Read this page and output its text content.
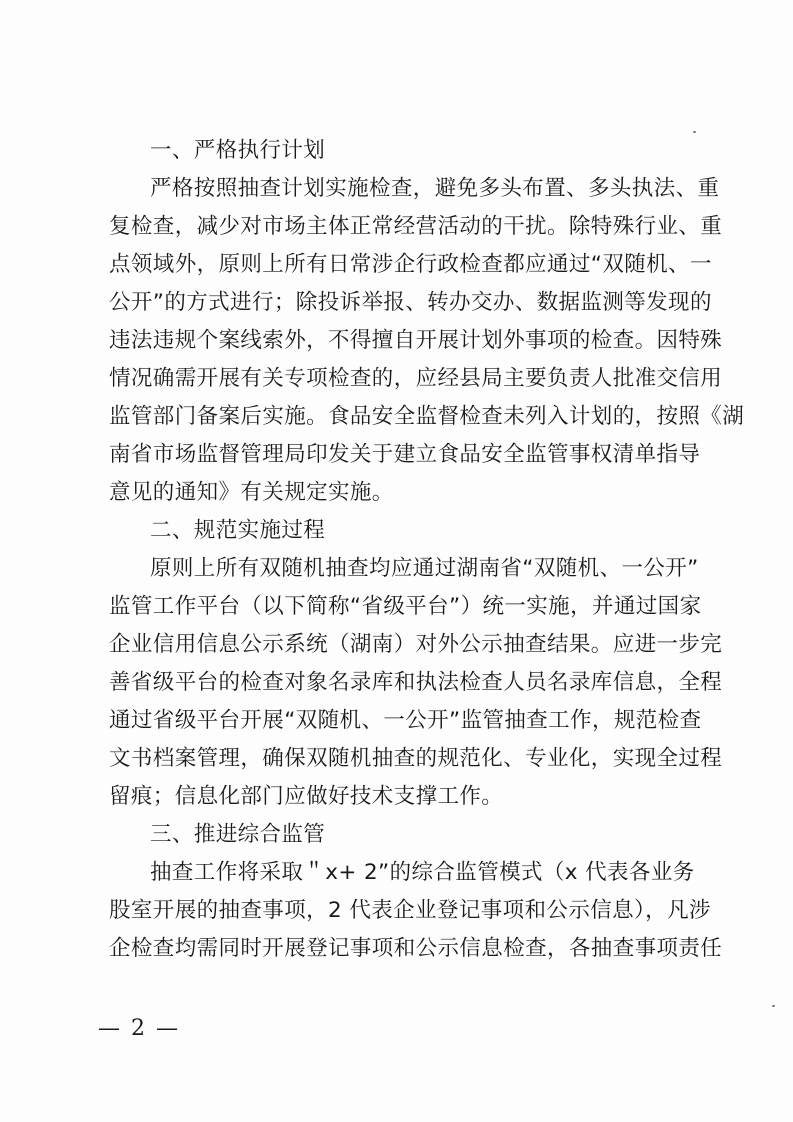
一、严格执行计划
严格按照抽查计划实施检查，避免多头布置、多头执法、重
复检查，减少对市场主体正常经营活动的干扰。除特殊行业、重
点领域外，原则上所有日常涉企行政检查都应通过“双随机、一
公开”的方式进行；除投诉举报、转办交办、数据监测等发现的
违法违规个案线索外，不得擅自开展计划外事项的检查。因特殊
情况确需开展有关专项检查的，应经县局主要负责人批准交信用
监管部门备案后实施。食品安全监督检查未列入计划的，按照《湖
南省市场监督管理局印发关于建立食品安全监管事权清单指导
意见的通知》有关规定实施。
二、规范实施过程
原则上所有双随机抽查均应通过湖南省“双随机、一公开”
监管工作平台（以下简称“省级平台”）统一实施，并通过国家
企业信用信息公示系统（湖南）对外公示抽查结果。应进一步完
善省级平台的检查对象名录库和执法检查人员名录库信息，全程
通过省级平台开展“双随机、一公开”监管抽查工作，规范检查
文书档案管理，确保双随机抽查的规范化、专业化，实现全过程
留痕；信息化部门应做好技术支撑工作。
三、推进综合监管
抽查工作将采取＂x+ 2”的综合监管模式（x 代表各业务
股室开展的抽查事项，2 代表企业登记事项和公示信息），凡涉
企检查均需同时开展登记事项和公示信息检查，各抽查事项责任
— 2 —
